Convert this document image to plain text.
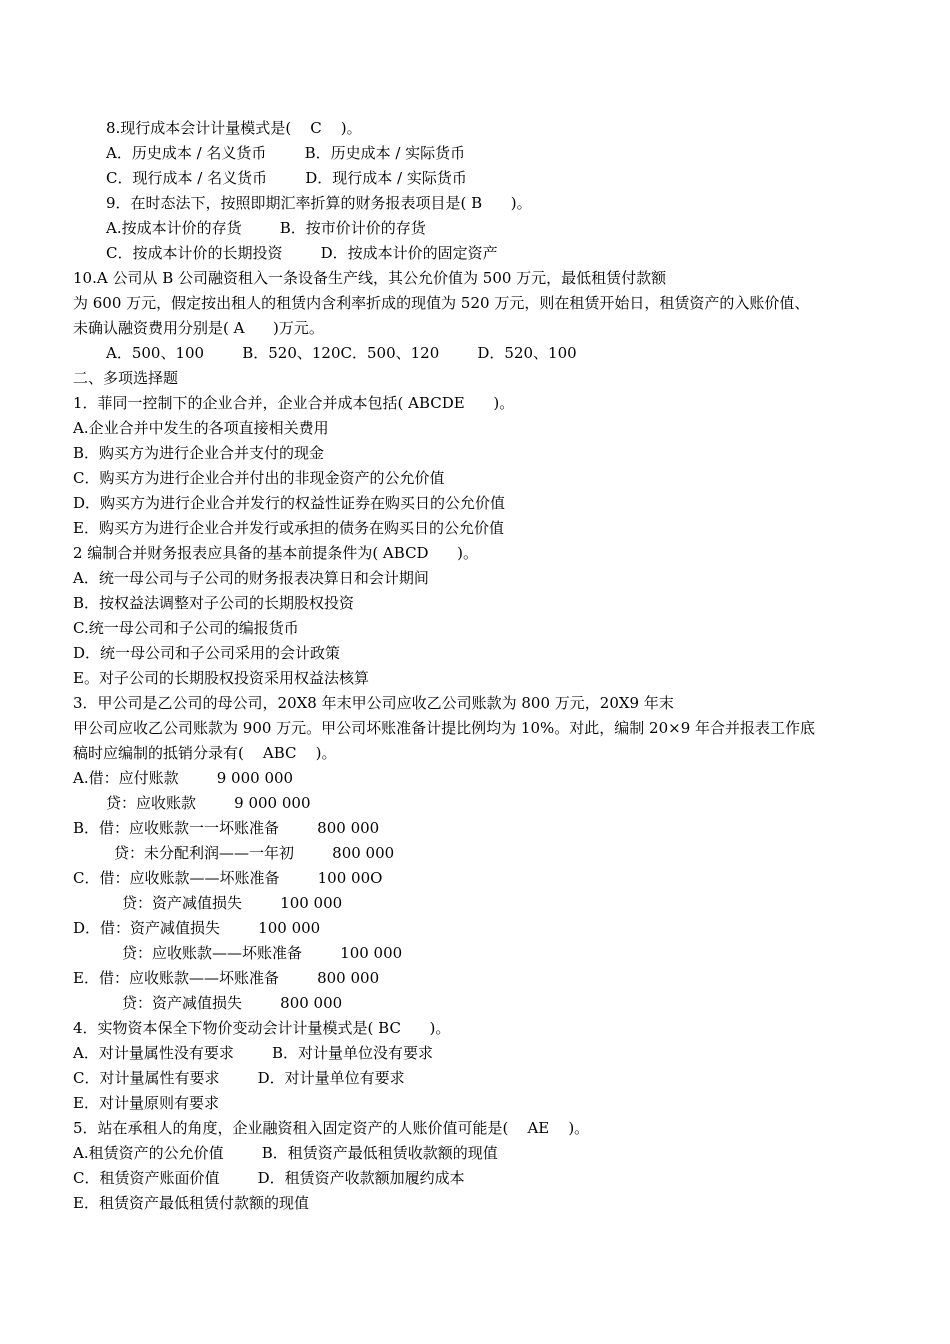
8.现行成本会计计量模式是(    C    )。
A．历史成本 / 名义货币        B．历史成本 / 实际货币
C．现行成本 / 名义货币        D．现行成本 / 实际货币
9．在时态法下，按照即期汇率折算的财务报表项目是( B      )。
A.按成本计价的存货        B．按市价计价的存货
C．按成本计价的长期投资        D．按成本计价的固定资产
10.A 公司从 B 公司融资租入一条设备生产线，其公允价值为 500 万元，最低租赁付款额
为 600 万元，假定按出租人的租赁内含利率折成的现值为 520 万元，则在租赁开始日，租赁资产的入账价值、
未确认融资费用分别是( A      )万元。
A．500、100        B．520、120C．500、120        D．520、100
二、多项选择题
1．菲同一控制下的企业合并，企业合并成本包括( ABCDE      )。
A.企业合并中发生的各项直接相关费用
B．购买方为进行企业合并支付的现金
C．购买方为进行企业合并付出的非现金资产的公允价值
D．购买方为进行企业合并发行的权益性证券在购买日的公允价值
E．购买方为进行企业合并发行或承担的债务在购买日的公允价值
2 编制合并财务报表应具备的基本前提条件为( ABCD      )。
A．统一母公司与子公司的财务报表决算日和会计期间
B．按权益法调整对子公司的长期股权投资
C.统一母公司和子公司的编报货币
D．统一母公司和子公司采用的会计政策
E。对子公司的长期股权投资采用权益法核算
3．甲公司是乙公司的母公司，20X8 年末甲公司应收乙公司账款为 800 万元，20X9 年末
甲公司应收乙公司账款为 900 万元。甲公司坏账准备计提比例均为 10%。对此，编制 20×9 年合并报表工作底
稿时应编制的抵销分录有(    ABC    )。
A.借：应付账款        9 000 000
贷：应收账款        9 000 000
B．借：应收账款一一坏账准备        800 000
贷：未分配利润——一年初        800 000
C．借：应收账款——坏账准备        100 00O
贷：资产减值损失        100 000
D．借：资产减值损失        100 000
贷：应收账款——坏账准备        100 000
E．借：应收账款——坏账准备        800 000
贷：资产减值损失        800 000
4．实物资本保全下物价变动会计计量模式是( BC      )。
A．对计量属性没有要求        B．对计量单位没有要求
C．对计量属性有要求        D．对计量单位有要求
E．对计量原则有要求
5．站在承租人的角度，企业融资租入固定资产的人账价值可能是(    AE    )。
A.租赁资产的公允价值        B．租赁资产最低租赁收款额的现值
C．租赁资产账面价值        D．租赁资产收款额加履约成本
E．租赁资产最低租赁付款额的现值
